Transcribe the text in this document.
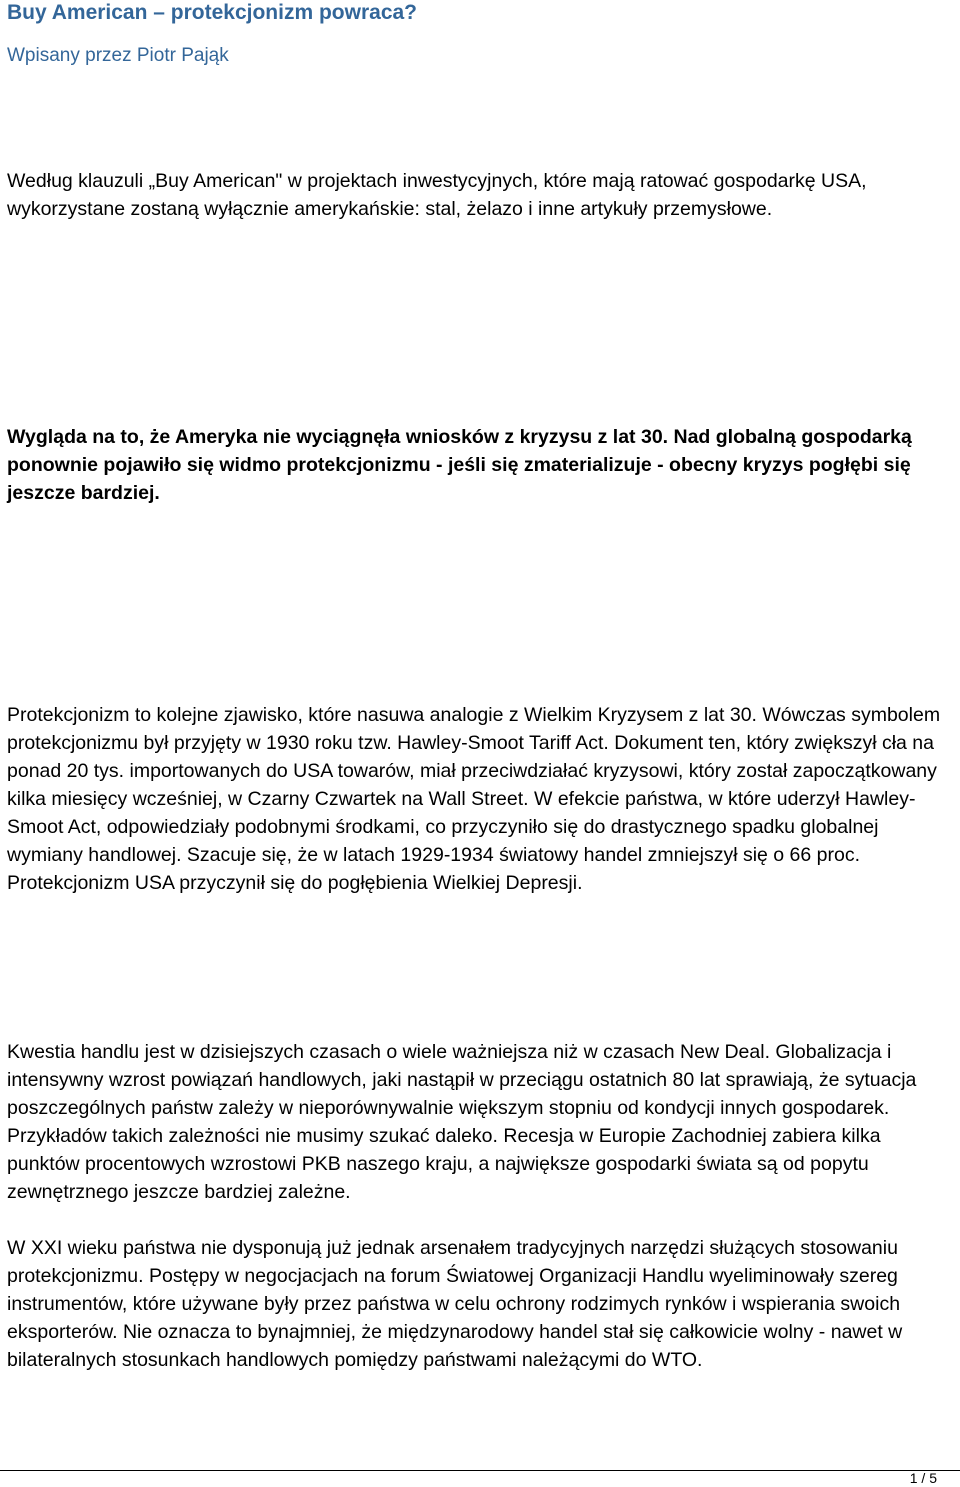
Buy American – protekcjonizm powraca?
Wpisany przez Piotr Pająk

Według klauzuli „Buy American" w projektach inwestycyjnych, które mają ratować gospodarkę USA, wykorzystane zostaną wyłącznie amerykańskie: stal, żelazo i inne artykuły przemysłowe.

Wygląda na to, że Ameryka nie wyciągnęła wniosków z kryzysu z lat 30. Nad globalną gospodarką ponownie pojawiło się widmo protekcjonizmu - jeśli się zmaterializuje - obecny kryzys pogłębi się jeszcze bardziej.

Protekcjonizm to kolejne zjawisko, które nasuwa analogie z Wielkim Kryzysem z lat 30. Wówczas symbolem protekcjonizmu był przyjęty w 1930 roku tzw. Hawley-Smoot Tariff Act. Dokument ten, który zwiększył cła na ponad 20 tys. importowanych do USA towarów, miał przeciwdziałać kryzysowi, który został zapoczątkowany kilka miesięcy wcześniej, w Czarny Czwartek na Wall Street. W efekcie państwa, w które uderzył Hawley-Smoot Act, odpowiedziały podobnymi środkami, co przyczyniło się do drastycznego spadku globalnej wymiany handlowej. Szacuje się, że w latach 1929-1934 światowy handel zmniejszył się o 66 proc. Protekcjonizm USA przyczynił się do pogłębienia Wielkiej Depresji.

Kwestia handlu jest w dzisiejszych czasach o wiele ważniejsza niż w czasach New Deal. Globalizacja i intensywny wzrost powiązań handlowych, jaki nastąpił w przeciągu ostatnich 80 lat sprawiają, że sytuacja poszczególnych państw zależy w nieporównywalnie większym stopniu od kondycji innych gospodarek. Przykładów takich zależności nie musimy szukać daleko. Recesja w Europie Zachodniej zabiera kilka punktów procentowych wzrostowi PKB naszego kraju, a największe gospodarki świata są od popytu zewnętrznego jeszcze bardziej zależne.

W XXI wieku państwa nie dysponują już jednak arsenałem tradycyjnych narzędzi służących stosowaniu protekcjonizmu. Postępy w negocjacjach na forum Światowej Organizacji Handlu wyeliminowały szereg instrumentów, które używane były przez państwa w celu ochrony rodzimych rynków i wspierania swoich eksporterów. Nie oznacza to bynajmniej, że międzynarodowy handel stał się całkowicie wolny - nawet w bilateralnych stosunkach handlowych pomiędzy państwami należącymi do WTO.

1 / 5
